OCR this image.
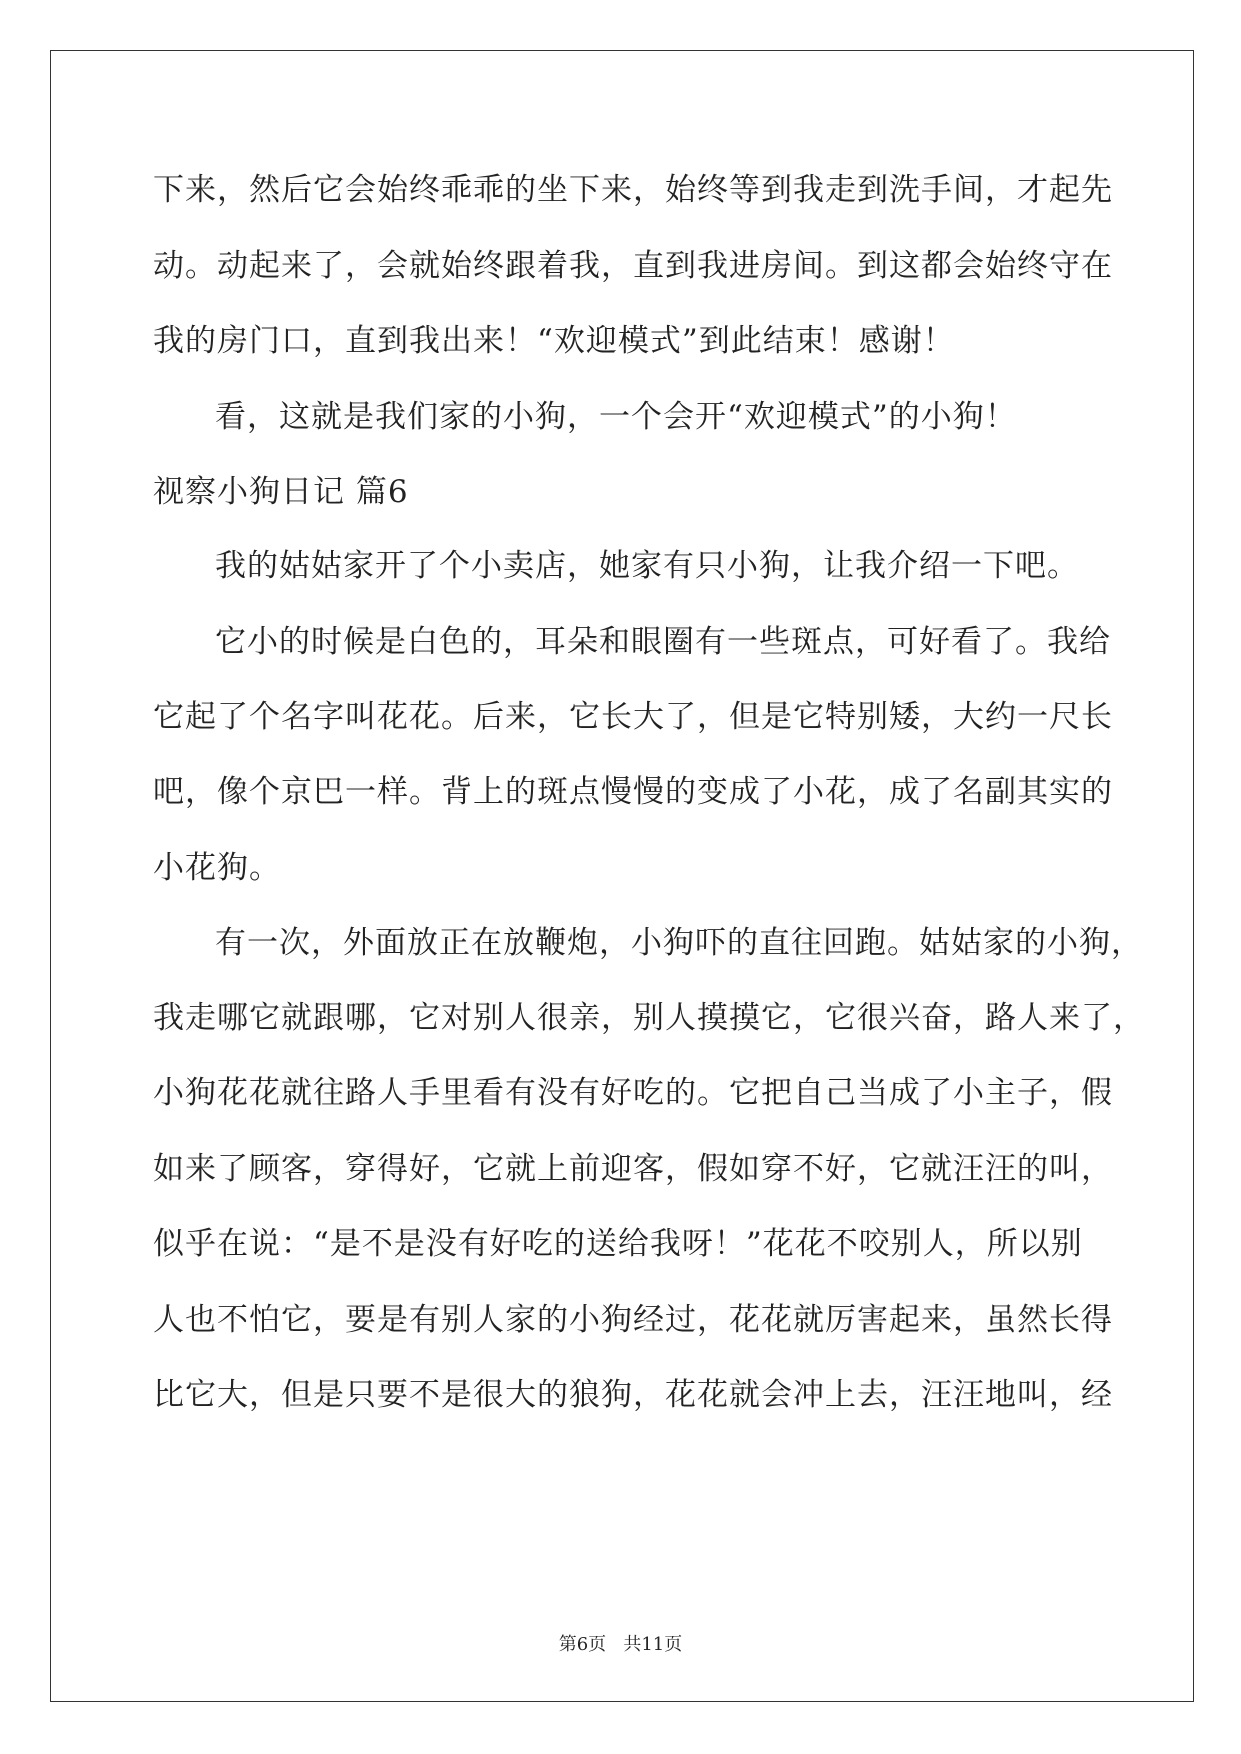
下来，然后它会始终乖乖的坐下来，始终等到我走到洗手间，才起先
动。动起来了，会就始终跟着我，直到我进房间。到这都会始终守在
我的房门口，直到我出来！“欢迎模式”到此结束！感谢！
看，这就是我们家的小狗，一个会开“欢迎模式”的小狗！
视察小狗日记 篇6
我的姑姑家开了个小卖店，她家有只小狗，让我介绍一下吧。
它小的时候是白色的，耳朵和眼圈有一些斑点，可好看了。我给
它起了个名字叫花花。后来，它长大了，但是它特别矮，大约一尺长
吧，像个京巴一样。背上的斑点慢慢的变成了小花，成了名副其实的
小花狗。
有一次，外面放正在放鞭炮，小狗吓的直往回跑。姑姑家的小狗，
我走哪它就跟哪，它对别人很亲，别人摸摸它，它很兴奋，路人来了，
小狗花花就往路人手里看有没有好吃的。它把自己当成了小主子，假
如来了顾客，穿得好，它就上前迎客，假如穿不好，它就汪汪的叫，
似乎在说：“是不是没有好吃的送给我呀！”花花不咬别人，所以别
人也不怕它，要是有别人家的小狗经过，花花就厉害起来，虽然长得
比它大，但是只要不是很大的狼狗，花花就会冲上去，汪汪地叫，经
第6页   共11页
